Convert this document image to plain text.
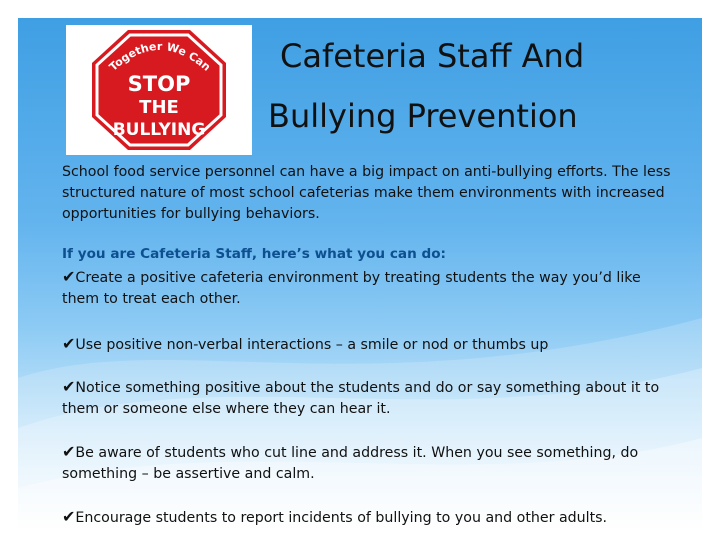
Together We Can
STOP
THE
BULLYING
Cafeteria Staff And
Bullying Prevention
School food service personnel can have a big impact on anti-bullying efforts. The less structured nature of most school cafeterias make them environments with increased opportunities for bullying behaviors.
If you are Cafeteria Staff, here’s what you can do:
✔Create a positive cafeteria environment by treating students the way you’d like them to treat each other.
✔Use positive non-verbal interactions – a smile or nod or thumbs up
✔Notice something positive about the students and do or say something about it to them or someone else where they can hear it.
✔Be aware of students who cut line and address it. When you see something, do something – be assertive and calm.
✔Encourage students to report incidents of bullying to you and other adults.
